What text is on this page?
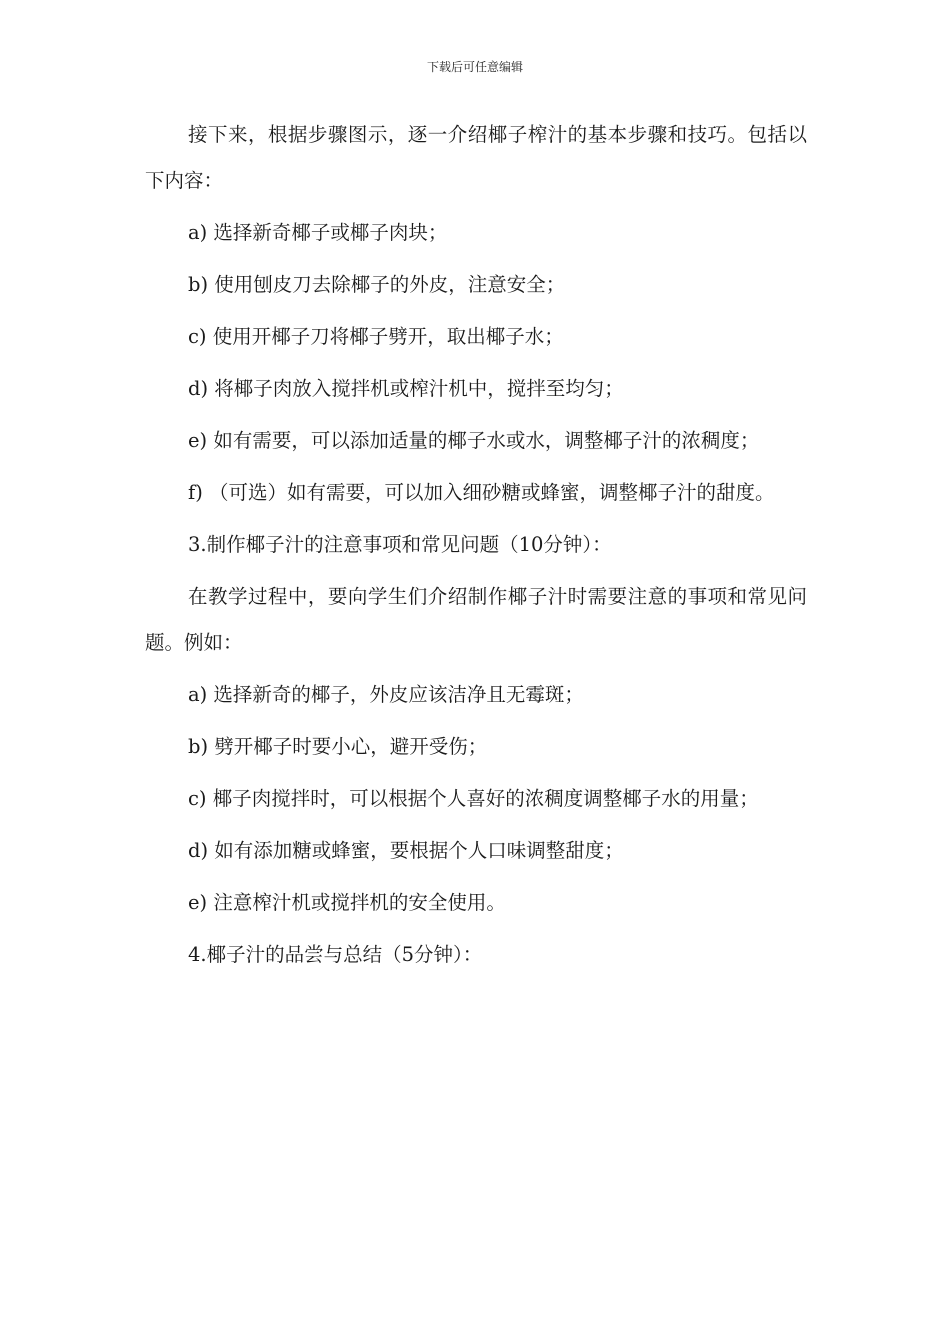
下载后可任意编辑

接下来，根据步骤图示，逐一介绍椰子榨汁的基本步骤和技巧。包括以下内容：

a) 选择新奇椰子或椰子肉块；

b) 使用刨皮刀去除椰子的外皮，注意安全；

c) 使用开椰子刀将椰子劈开，取出椰子水；

d) 将椰子肉放入搅拌机或榨汁机中，搅拌至均匀；

e) 如有需要，可以添加适量的椰子水或水，调整椰子汁的浓稠度；

f) （可选）如有需要，可以加入细砂糖或蜂蜜，调整椰子汁的甜度。

3.制作椰子汁的注意事项和常见问题（10分钟）：

在教学过程中，要向学生们介绍制作椰子汁时需要注意的事项和常见问题。例如：

a) 选择新奇的椰子，外皮应该洁净且无霉斑；

b) 劈开椰子时要小心，避开受伤；

c) 椰子肉搅拌时，可以根据个人喜好的浓稠度调整椰子水的用量；

d) 如有添加糖或蜂蜜，要根据个人口味调整甜度；

e) 注意榨汁机或搅拌机的安全使用。

4.椰子汁的品尝与总结（5分钟）：
